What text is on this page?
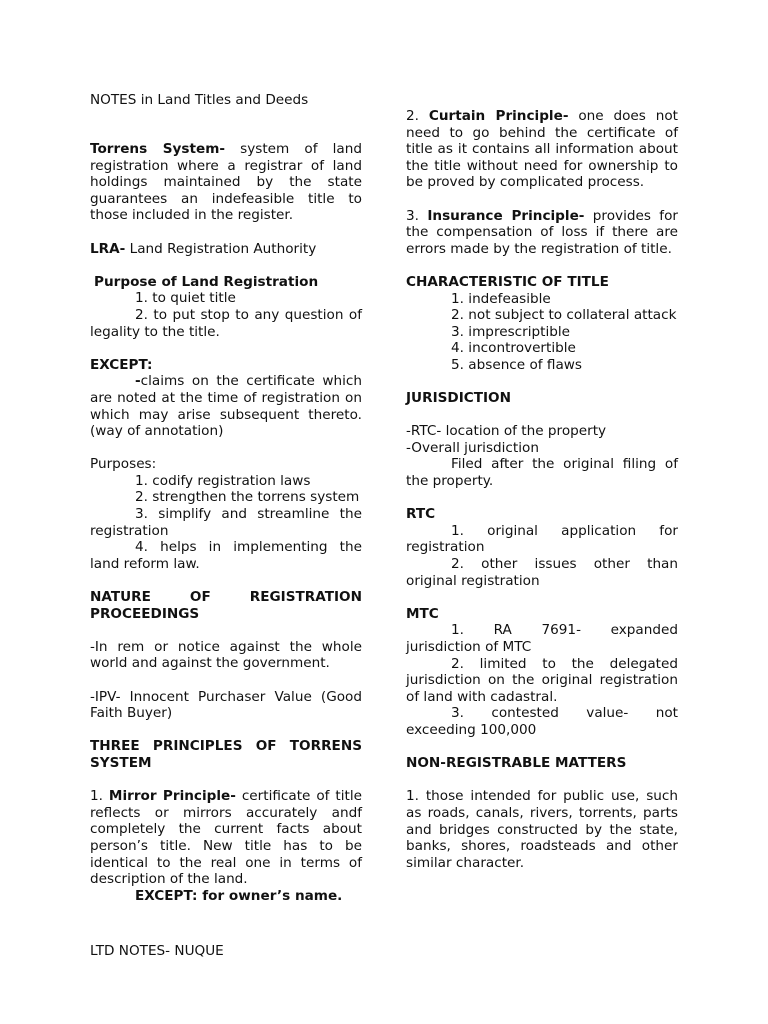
NOTES in Land Titles and Deeds

Torrens System- system of land registration where a registrar of land holdings maintained by the state guarantees an indefeasible title to those included in the register.

LRA- Land Registration Authority

Purpose of Land Registration

1. to quiet title

2. to put stop to any question of legality to the title.

EXCEPT:

-claims on the certificate which are noted at the time of registration on which may arise subsequent thereto. (way of annotation)

Purposes:

1. codify registration laws

2. strengthen the torrens system

3. simplify and streamline the registration

4. helps in implementing the land reform law.

NATURE OF REGISTRATION PROCEEDINGS

-In rem or notice against the whole world and against the government.

-IPV- Innocent Purchaser Value (Good Faith Buyer)

THREE PRINCIPLES OF TORRENS SYSTEM

1. Mirror Principle- certificate of title reflects or mirrors accurately andf completely the current facts about person’s title. New title has to be identical to the real one in terms of description of the land.

EXCEPT: for owner’s name.

2. Curtain Principle- one does not need to go behind the certificate of title as it contains all information about the title without need for ownership to be proved by complicated process.

3. Insurance Principle- provides for the compensation of loss if there are errors made by the registration of title.

CHARACTERISTIC OF TITLE

1. indefeasible

2. not subject to collateral attack

3. imprescriptible

4. incontrovertible

5. absence of flaws

JURISDICTION

-RTC- location of the property

-Overall jurisdiction

Filed after the original filing of the property.

RTC

1. original application for registration

2. other issues other than original registration

MTC

1. RA 7691- expanded jurisdiction of MTC

2. limited to the delegated jurisdiction on the original registration of land with cadastral.

3. contested value- not exceeding 100,000

NON-REGISTRABLE MATTERS

1. those intended for public use, such as roads, canals, rivers, torrents, parts and bridges constructed by the state, banks, shores, roadsteads and other similar character.

LTD NOTES- NUQUE
